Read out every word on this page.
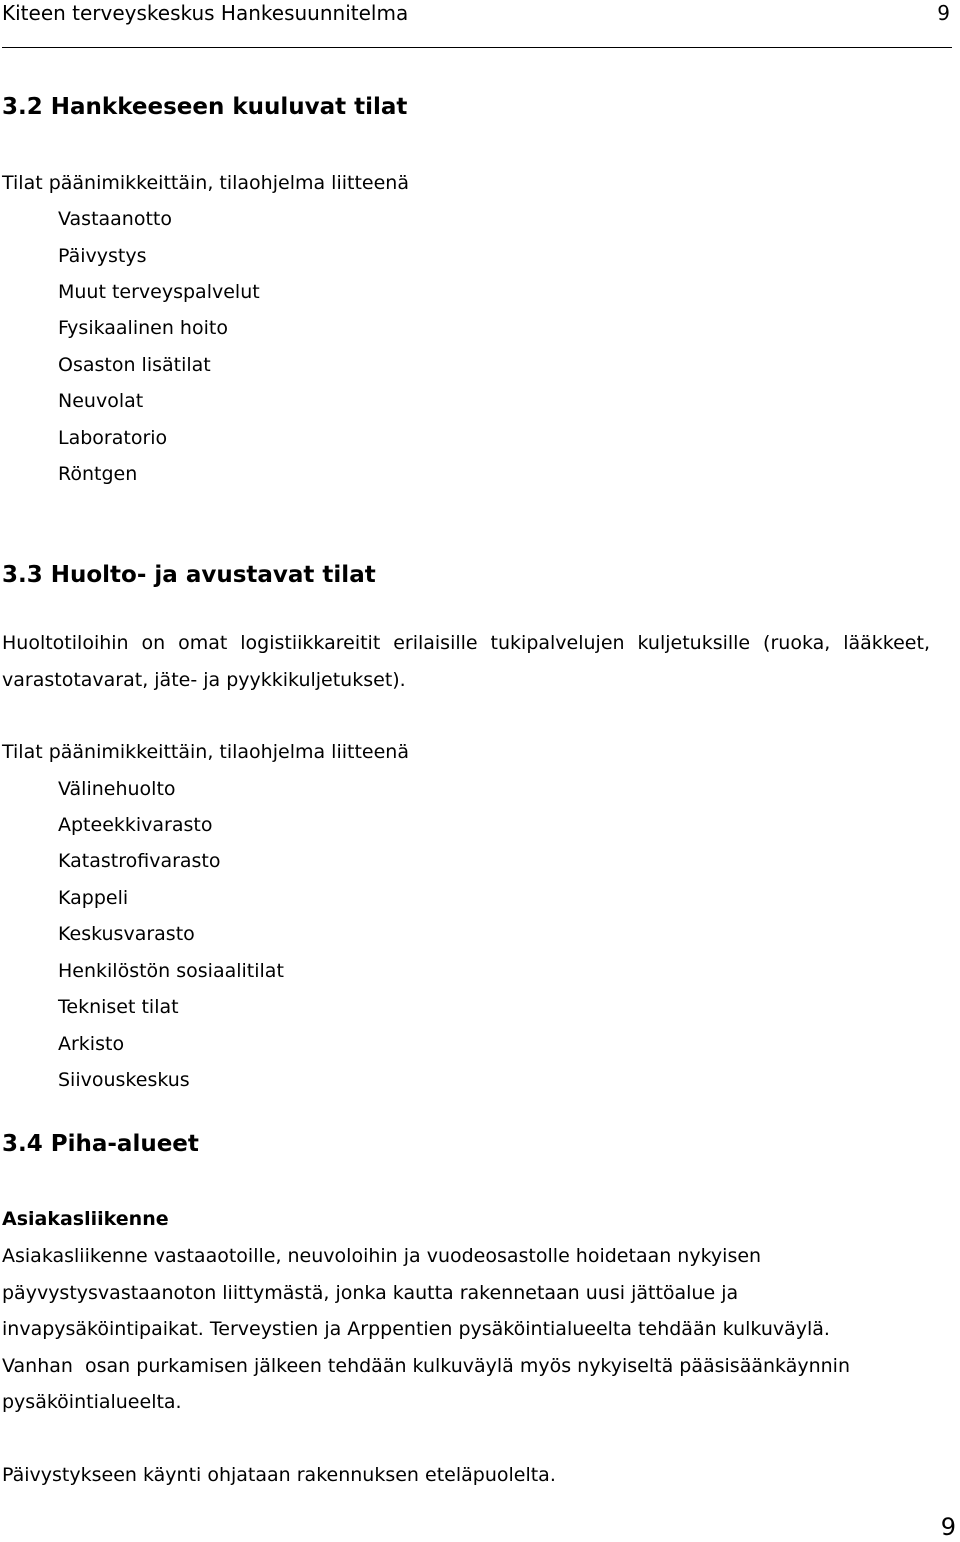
Kiteen terveyskeskus Hankesuunnitelma	9
3.2 Hankkeeseen kuuluvat tilat
Tilat päänimikkeittäin, tilaohjelma liitteenä
Vastaanotto
Päivystys
Muut terveyspalvelut
Fysikaalinen hoito
Osaston lisätilat
Neuvolat
Laboratorio
Röntgen
3.3 Huolto- ja avustavat tilat
Huoltotiloihin on omat logistiikkareitit erilaisille tukipalvelujen kuljetuksille (ruoka, lääkkeet,
varastotavarat, jäte- ja pyykkikuljetukset).
Tilat päänimikkeittäin, tilaohjelma liitteenä
Välinehuolto
Apteekkivarasto
Katastrofivarasto
Kappeli
Keskusvarasto
Henkilöstön sosiaalitilat
Tekniset tilat
Arkisto
Siivouskeskus
3.4 Piha-alueet
Asiakasliikenne
Asiakasliikenne vastaaotoille, neuvoloihin ja vuodeosastolle hoidetaan nykyisen
päyvystysvastaanoton liittymästä, jonka kautta rakennetaan uusi jättöalue ja
invapysäköintipaikat. Terveystien ja Arppentien pysäköintialueelta tehdään kulkuväylä.
Vanhan  osan purkamisen jälkeen tehdään kulkuväylä myös nykyiseltä pääsisäänkäynnin
pysäköintialueelta.
Päivystykseen käynti ohjataan rakennuksen eteläpuolelta.
9
